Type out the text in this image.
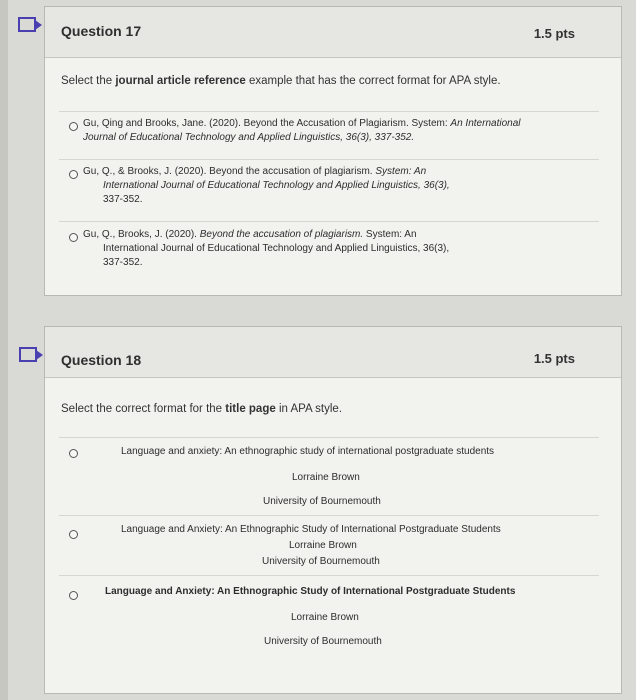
Question 17	1.5 pts
Select the journal article reference example that has the correct format for APA style.
Gu, Qing and Brooks, Jane. (2020). Beyond the Accusation of Plagiarism. System: An International
Journal of Educational Technology and Applied Linguistics, 36(3), 337-352.
Gu, Q., & Brooks, J. (2020). Beyond the accusation of plagiarism. System: An
International Journal of Educational Technology and Applied Linguistics, 36(3),
337-352.
Gu, Q., Brooks, J. (2020). Beyond the accusation of plagiarism. System: An
International Journal of Educational Technology and Applied Linguistics, 36(3),
337-352.
Question 18	1.5 pts
Select the correct format for the title page in APA style.
Language and anxiety: An ethnographic study of international postgraduate students
Lorraine Brown
University of Bournemouth
Language and Anxiety: An Ethnographic Study of International Postgraduate Students
Lorraine Brown
University of Bournemouth
Language and Anxiety: An Ethnographic Study of International Postgraduate Students
Lorraine Brown
University of Bournemouth
